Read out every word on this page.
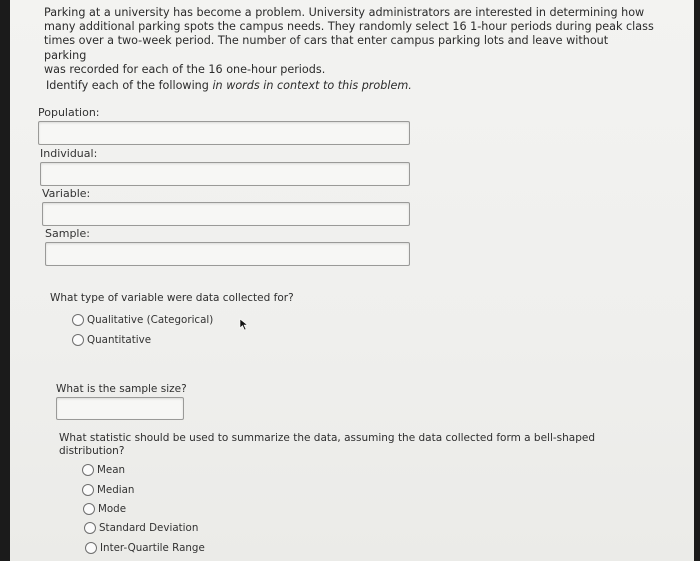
Parking at a university has become a problem. University administrators are interested in determining how
many additional parking spots the campus needs. They randomly select 16 1-hour periods during peak class
times over a two-week period. The number of cars that enter campus parking lots and leave without parking
was recorded for each of the 16 one-hour periods.
Identify each of the following in words in context to this problem.
Population:
Individual:
Variable:
Sample:
What type of variable were data collected for?
Qualitative (Categorical)
Quantitative
What is the sample size?
What statistic should be used to summarize the data, assuming the data collected form a bell-shaped
distribution?
Mean
Median
Mode
Standard Deviation
Inter-Quartile Range
